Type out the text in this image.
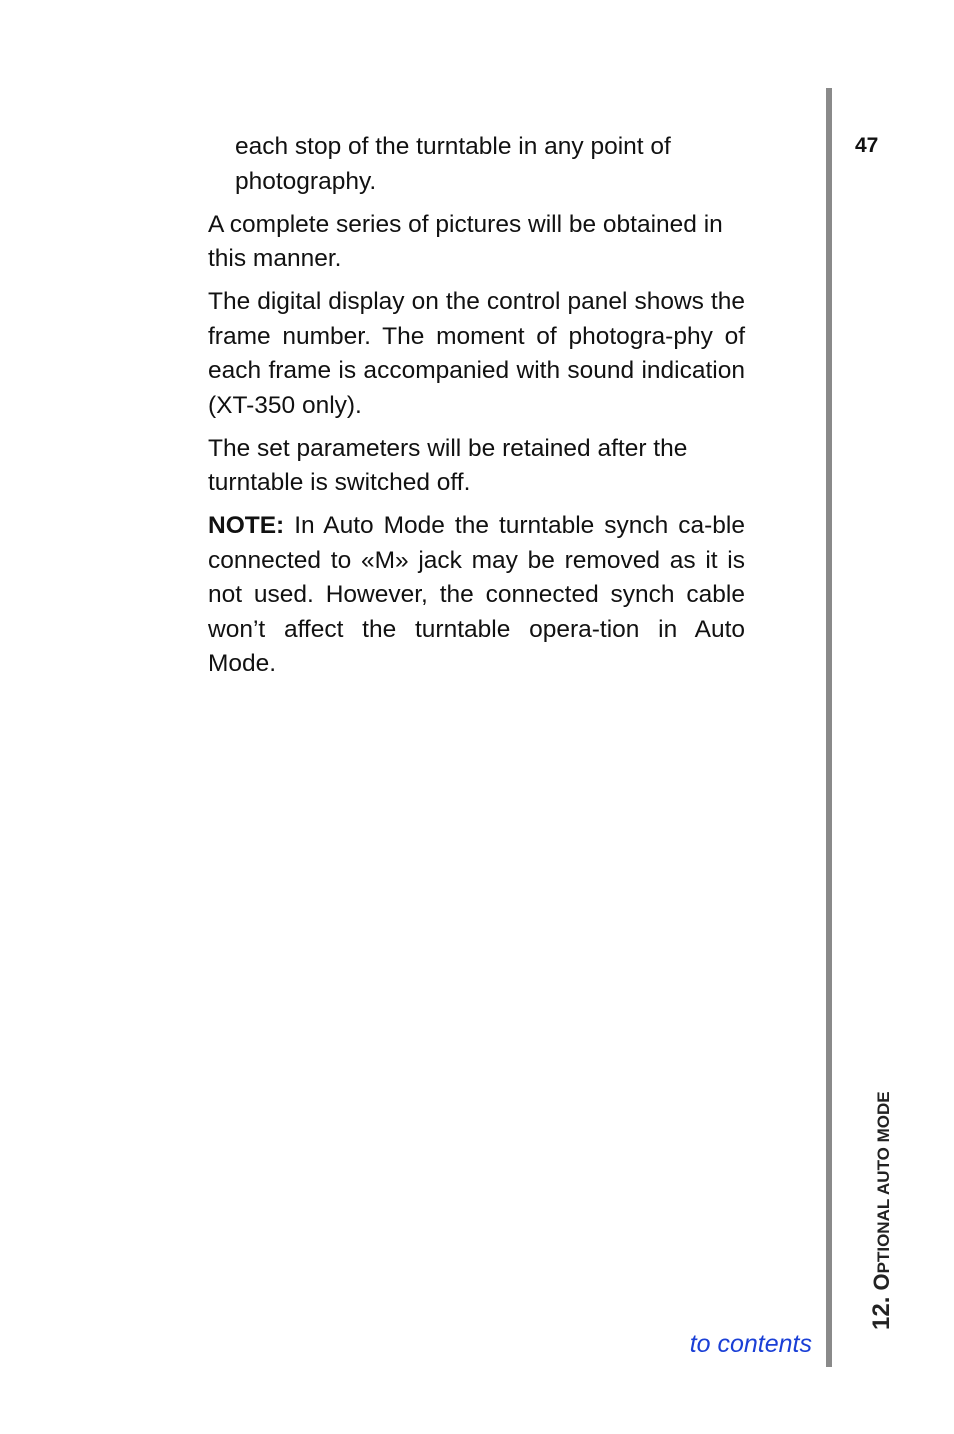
each stop of the turntable in any point of photography.

A complete series of pictures will be obtained in this manner.

The digital display on the control panel shows the frame number. The moment of photogra-phy of each frame is accompanied with sound indication (XT-350 only).

The set parameters will be retained after the turntable is switched off.

NOTE: In Auto Mode the turntable synch ca-ble connected to «M» jack may be removed as it is not used. However, the connected synch cable won’t affect the turntable opera-tion in Auto Mode.

47
12. OPTIONAL AUTO MODE
to contents
